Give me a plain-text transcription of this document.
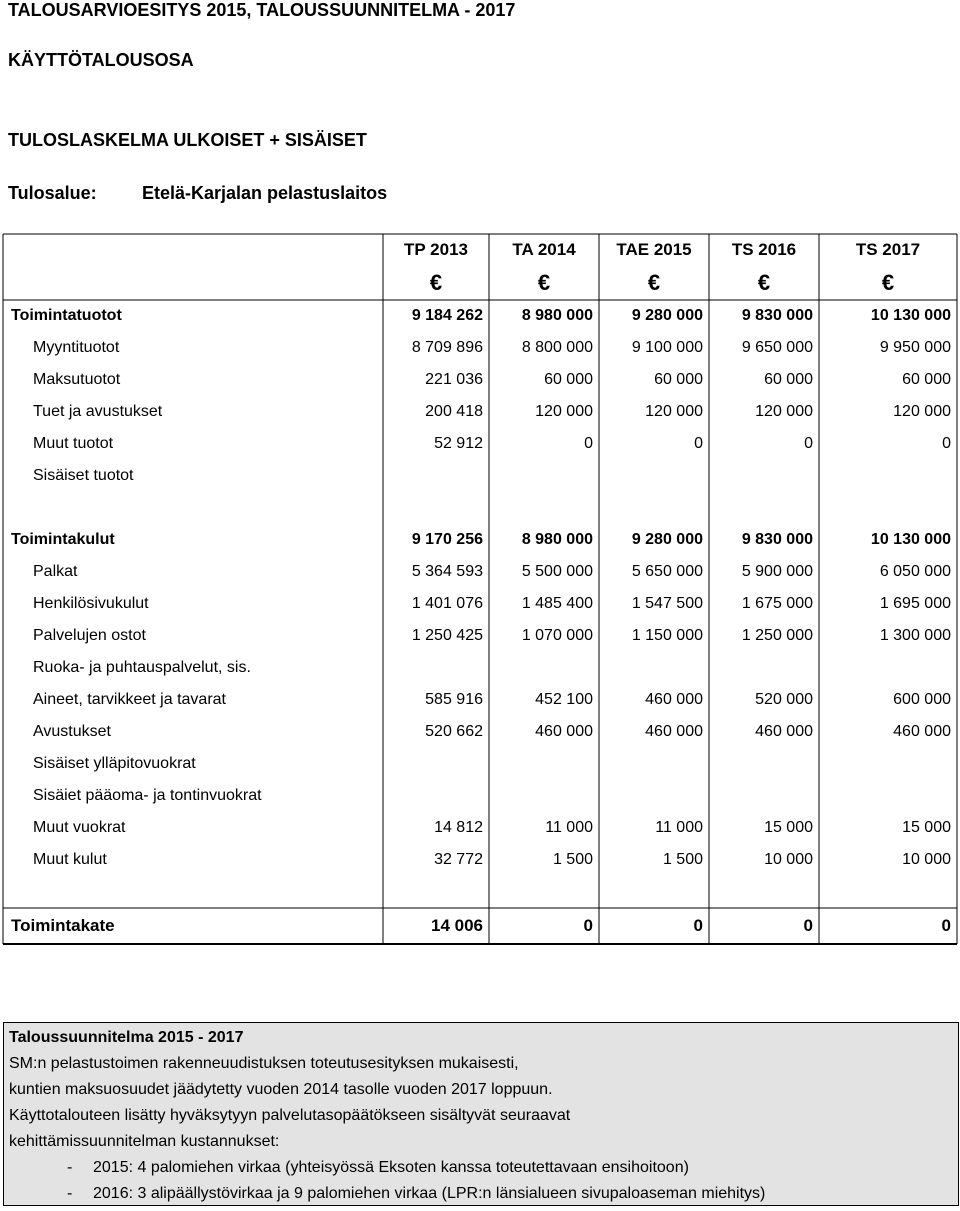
TALOUSARVIOESITYS 2015, TALOUSSUUNNITELMA - 2017
KÄYTTÖTALOUSOSA
TULOSLASKELMA ULKOISET + SISÄISET
Tulosalue:	Etelä-Karjalan pelastuslaitos
	TP 2013	TA 2014	TAE 2015	TS 2016	TS 2017
	€	€	€	€	€
Toimintatuotot	9 184 262	8 980 000	9 280 000	9 830 000	10 130 000
Myyntituotot	8 709 896	8 800 000	9 100 000	9 650 000	9 950 000
Maksutuotot	221 036	60 000	60 000	60 000	60 000
Tuet ja avustukset	200 418	120 000	120 000	120 000	120 000
Muut tuotot	52 912	0	0	0	0
Sisäiset tuotot					

Toimintakulut	9 170 256	8 980 000	9 280 000	9 830 000	10 130 000
Palkat	5 364 593	5 500 000	5 650 000	5 900 000	6 050 000
Henkilösivukulut	1 401 076	1 485 400	1 547 500	1 675 000	1 695 000
Palvelujen ostot	1 250 425	1 070 000	1 150 000	1 250 000	1 300 000
Ruoka- ja puhtauspalvelut, sis.					
Aineet, tarvikkeet ja tavarat	585 916	452 100	460 000	520 000	600 000
Avustukset	520 662	460 000	460 000	460 000	460 000
Sisäiset ylläpitovuokrat					
Sisäiet pääoma- ja tontinvuokrat					
Muut vuokrat	14 812	11 000	11 000	15 000	15 000
Muut kulut	32 772	1 500	1 500	10 000	10 000

Toimintakate	14 006	0	0	0	0
Taloussuunnitelma 2015 - 2017
SM:n pelastustoimen rakenneuudistuksen toteutusesityksen mukaisesti,
kuntien maksuosuudet jäädytetty vuoden 2014 tasolle vuoden 2017 loppuun.
Käyttotalouteen lisätty hyväksytyyn palvelutasopäätökseen sisältyvät seuraavat
kehittämissuunnitelman kustannukset:
- 2015: 4 palomiehen virkaa (yhteisyössä Eksoten kanssa toteutettavaan ensihoitoon)
- 2016: 3 alipäällystövirkaa ja 9 palomiehen virkaa (LPR:n länsialueen sivupaloaseman miehitys)
